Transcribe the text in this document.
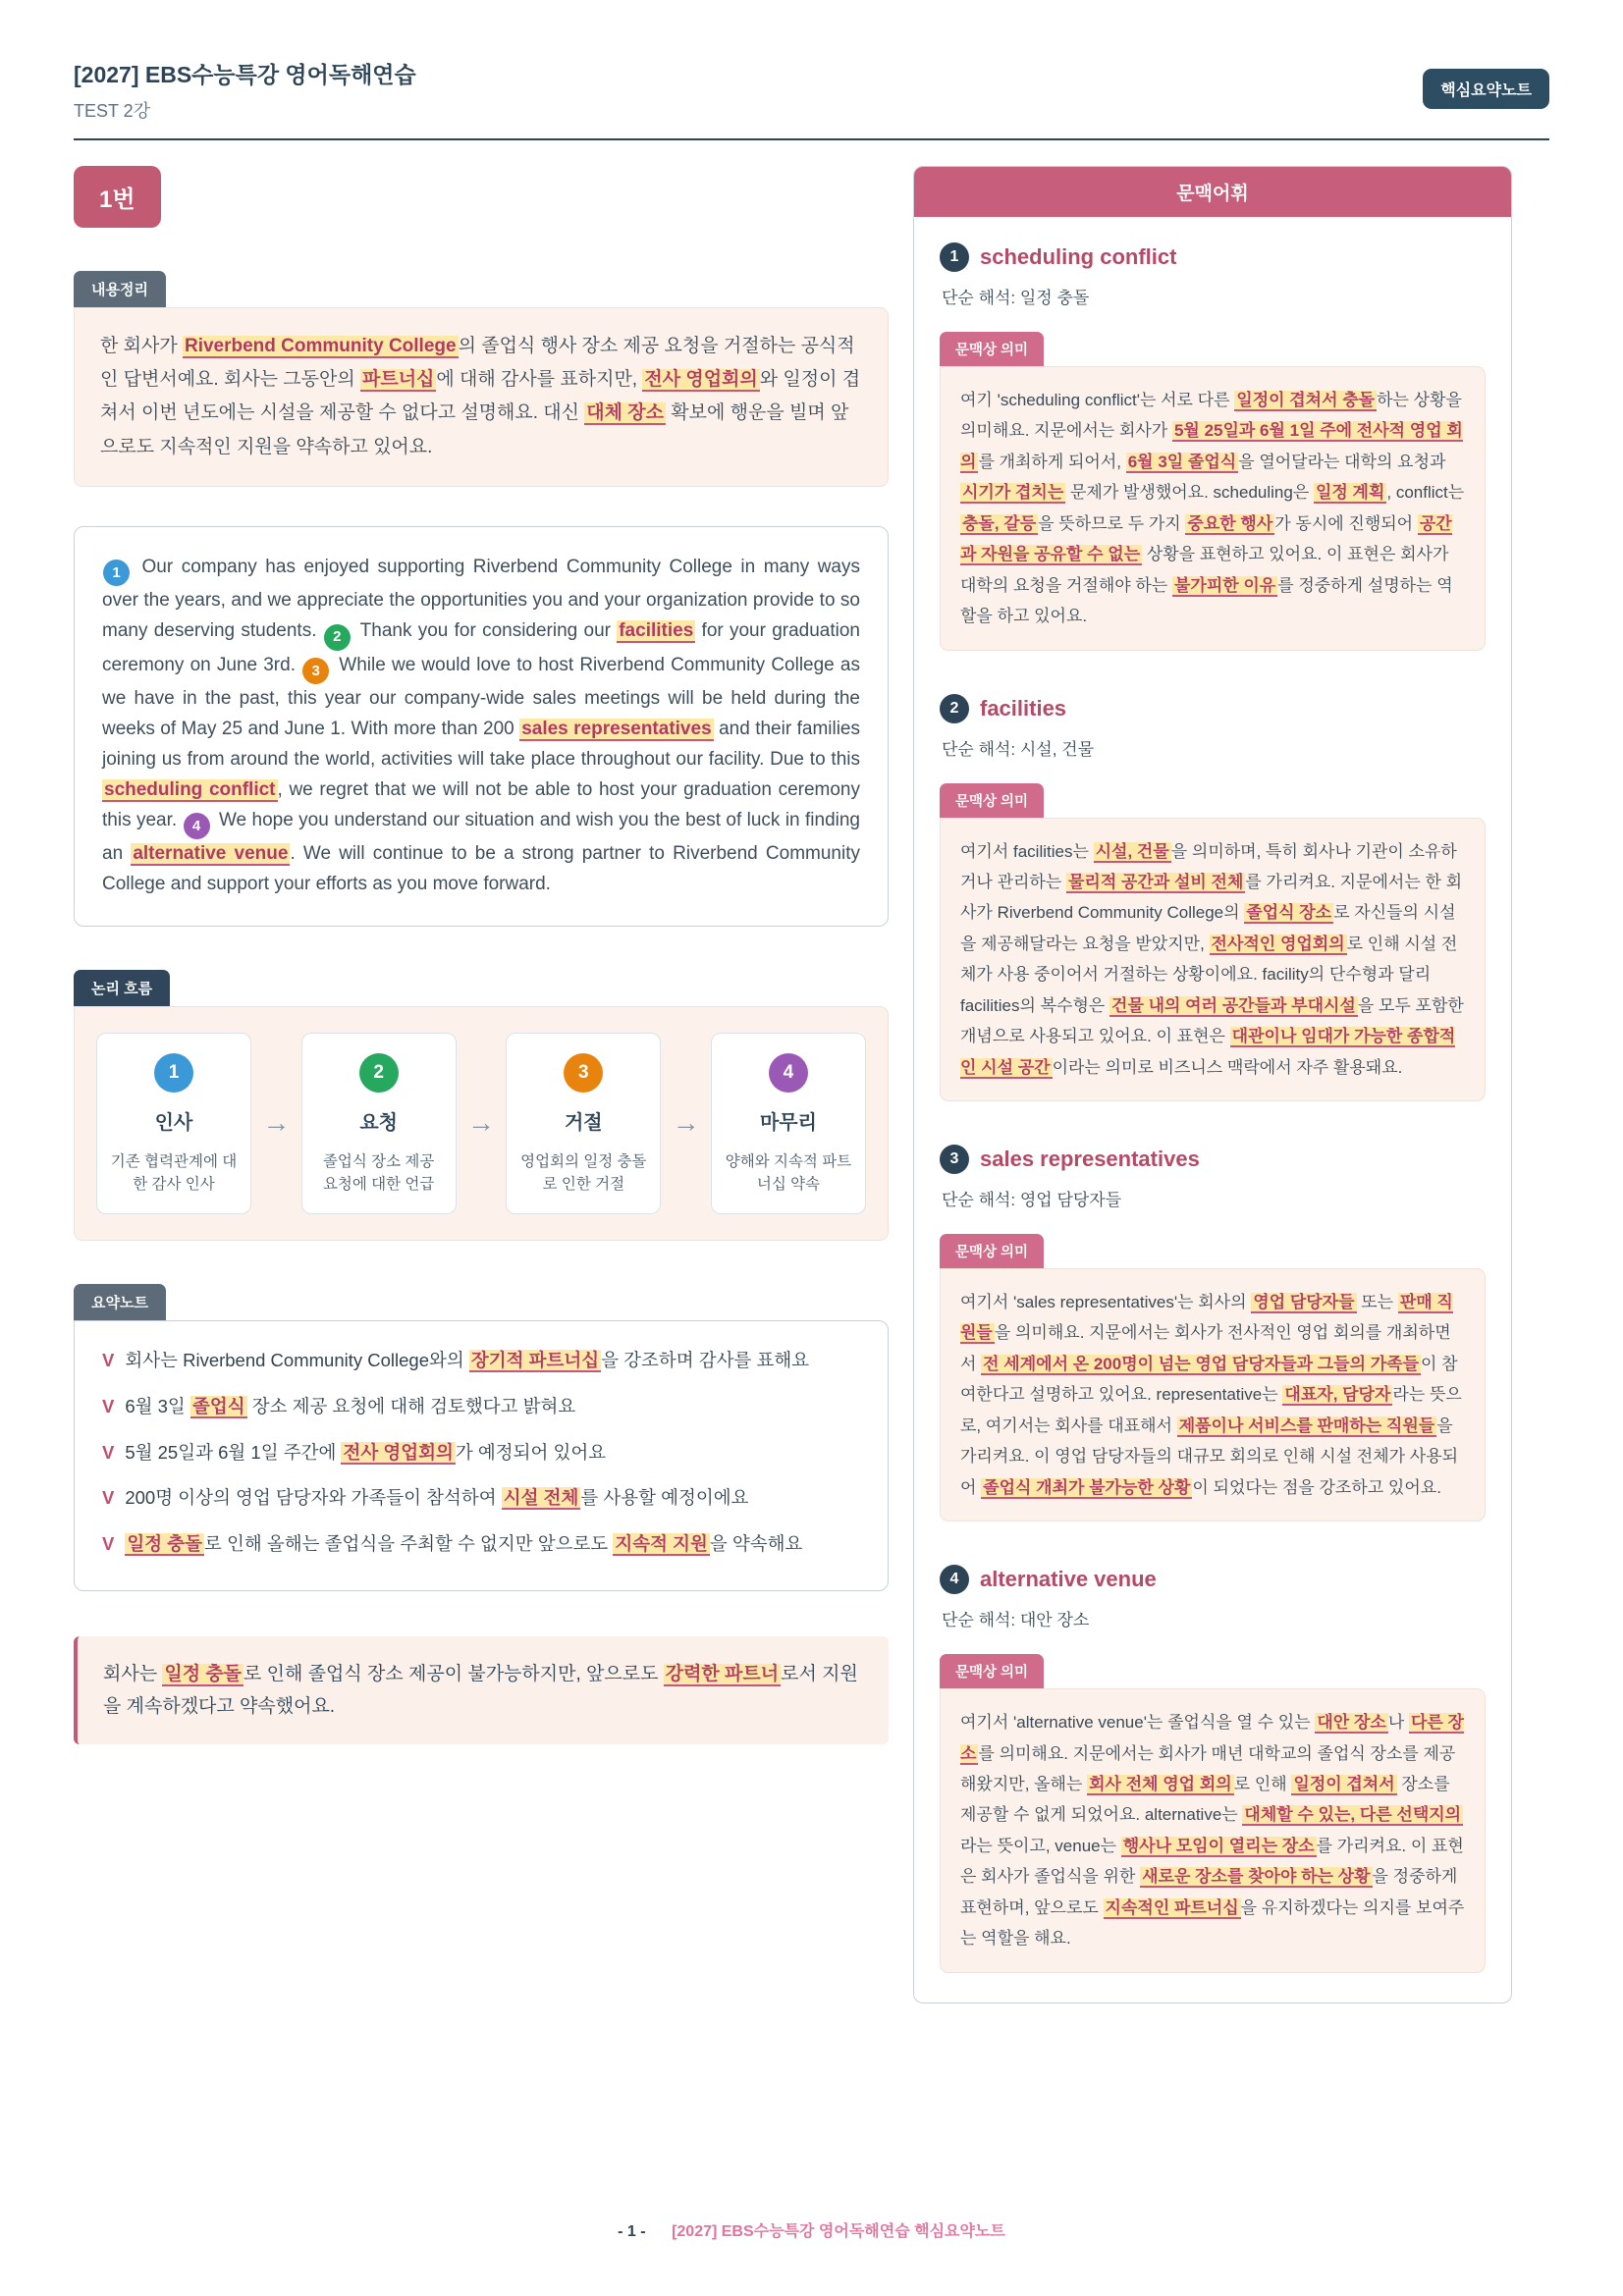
[2027] EBS수능특강 영어독해연습
TEST 2강
핵심요약노트
1번
내용정리
한 회사가 Riverbend Community College 의 졸업식 행사 장소 제공 요청을 거절하는 공식적인 답변서예요. 회사는 그동안의 파트너십 에 대해 감사를 표하지만, 전사 영업회의 와 일정이 겹쳐서 이번 년도에는 시설을 제공할 수 없다고 설명해요. 대신 대체 장소 확보에 행운을 빌며 앞으로도 지속적인 지원을 약속하고 있어요.
1 Our company has enjoyed supporting Riverbend Community College in many ways over the years, and we appreciate the opportunities you and your organization provide to so many deserving students. 2 Thank you for considering our facilities for your graduation ceremony on June 3rd. 3 While we would love to host Riverbend Community College as we have in the past, this year our company-wide sales meetings will be held during the weeks of May 25 and June 1. With more than 200 sales representatives and their families joining us from around the world, activities will take place throughout our facility. Due to this scheduling conflict , we regret that we will not be able to host your graduation ceremony this year. 4 We hope you understand our situation and wish you the best of luck in finding an alternative venue . We will continue to be a strong partner to Riverbend Community College and support your efforts as you move forward.
논리 흐름
1
인사
기존 협력관계에 대한 감사 인사
→
2
요청
졸업식 장소 제공 요청에 대한 언급
→
3
거절
영업회의 일정 충돌로 인한 거절
→
4
마무리
양해와 지속적 파트너십 약속
요약노트
V 회사는 Riverbend Community College와의 장기적 파트너십 을 강조하며 감사를 표해요
V 6월 3일 졸업식 장소 제공 요청에 대해 검토했다고 밝혀요
V 5월 25일과 6월 1일 주간에 전사 영업회의 가 예정되어 있어요
V 200명 이상의 영업 담당자와 가족들이 참석하여 시설 전체 를 사용할 예정이에요
V 일정 충돌 로 인해 올해는 졸업식을 주최할 수 없지만 앞으로도 지속적 지원 을 약속해요
회사는 일정 충돌 로 인해 졸업식 장소 제공이 불가능하지만, 앞으로도 강력한 파트너 로서 지원을 계속하겠다고 약속했어요.
문맥어휘
1 scheduling conflict
단순 해석: 일정 충돌
문맥상 의미
여기 'scheduling conflict'는 서로 다른 일정이 겹쳐서 충돌 하는 상황을 의미해요. 지문에서는 회사가 5월 25일과 6월 1일 주에 전사적 영업 회의 를 개최하게 되어서, 6월 3일 졸업식 을 열어달라는 대학의 요청과 시기가 겹치는 문제가 발생했어요. scheduling은 일정 계획 , conflict는 충돌, 갈등 을 뜻하므로 두 가지 중요한 행사 가 동시에 진행되어 공간과 자원을 공유할 수 없는 상황을 표현하고 있어요. 이 표현은 회사가 대학의 요청을 거절해야 하는 불가피한 이유 를 정중하게 설명하는 역할을 하고 있어요.
2 facilities
단순 해석: 시설, 건물
문맥상 의미
여기서 facilities는 시설, 건물 을 의미하며, 특히 회사나 기관이 소유하거나 관리하는 물리적 공간과 설비 전체 를 가리켜요. 지문에서는 한 회사가 Riverbend Community College의 졸업식 장소 로 자신들의 시설을 제공해달라는 요청을 받았지만, 전사적인 영업회의 로 인해 시설 전체가 사용 중이어서 거절하는 상황이에요. facility의 단수형과 달리 facilities의 복수형은 건물 내의 여러 공간들과 부대시설 을 모두 포함한 개념으로 사용되고 있어요. 이 표현은 대관이나 임대가 가능한 종합적인 시설 공간 이라는 의미로 비즈니스 맥락에서 자주 활용돼요.
3 sales representatives
단순 해석: 영업 담당자들
문맥상 의미
여기서 'sales representatives'는 회사의 영업 담당자들 또는 판매 직원들 을 의미해요. 지문에서는 회사가 전사적인 영업 회의를 개최하면서 전 세계에서 온 200명이 넘는 영업 담당자들과 그들의 가족들 이 참여한다고 설명하고 있어요. representative는 대표자, 담당자 라는 뜻으로, 여기서는 회사를 대표해서 제품이나 서비스를 판매하는 직원들 을 가리켜요. 이 영업 담당자들의 대규모 회의로 인해 시설 전체가 사용되어 졸업식 개최가 불가능한 상황 이 되었다는 점을 강조하고 있어요.
4 alternative venue
단순 해석: 대안 장소
문맥상 의미
여기서 'alternative venue'는 졸업식을 열 수 있는 대안 장소 나 다른 장소 를 의미해요. 지문에서는 회사가 매년 대학교의 졸업식 장소를 제공해왔지만, 올해는 회사 전체 영업 회의 로 인해 일정이 겹쳐서 장소를 제공할 수 없게 되었어요. alternative는 대체할 수 있는, 다른 선택지의라는 뜻이고, venue는 행사나 모임이 열리는 장소 를 가리켜요. 이 표현은 회사가 졸업식을 위한 새로운 장소를 찾아야 하는 상황 을 정중하게 표현하며, 앞으로도 지속적인 파트너십 을 유지하겠다는 의지를 보여주는 역할을 해요.
- 1 - [2027] EBS수능특강 영어독해연습 핵심요약노트
